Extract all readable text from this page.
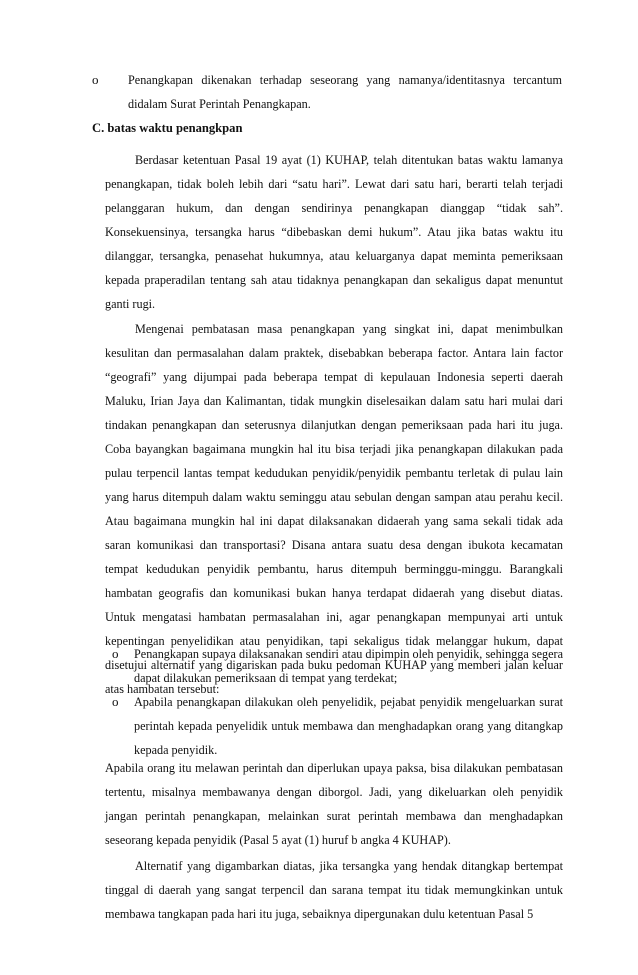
o Penangkapan dikenakan terhadap seseorang yang namanya/identitasnya tercantum didalam Surat Perintah Penangkapan.
C. batas waktu penangkpan

Berdasar ketentuan Pasal 19 ayat (1) KUHAP, telah ditentukan batas waktu lamanya penangkapan, tidak boleh lebih dari “satu hari”. Lewat dari satu hari, berarti telah terjadi pelanggaran hukum, dan dengan sendirinya penangkapan dianggap “tidak sah”. Konsekuensinya, tersangka harus “dibebaskan demi hukum”. Atau jika batas waktu itu dilanggar, tersangka, penasehat hukumnya, atau keluarganya dapat meminta pemeriksaan kepada praperadilan tentang sah atau tidaknya penangkapan dan sekaligus dapat menuntut ganti rugi.

Mengenai pembatasan masa penangkapan yang singkat ini, dapat menimbulkan kesulitan dan permasalahan dalam praktek, disebabkan beberapa factor. Antara lain factor “geografi” yang dijumpai pada beberapa tempat di kepulauan Indonesia seperti daerah Maluku, Irian Jaya dan Kalimantan, tidak mungkin diselesaikan dalam satu hari mulai dari tindakan penangkapan dan seterusnya dilanjutkan dengan pemeriksaan pada hari itu juga. Coba bayangkan bagaimana mungkin hal itu bisa terjadi jika penangkapan dilakukan pada pulau terpencil lantas tempat kedudukan penyidik/penyidik pembantu terletak di pulau lain yang harus ditempuh dalam waktu seminggu atau sebulan dengan sampan atau perahu kecil. Atau bagaimana mungkin hal ini dapat dilaksanakan didaerah yang sama sekali tidak ada saran komunikasi dan transportasi? Disana antara suatu desa dengan ibukota kecamatan tempat kedudukan penyidik pembantu, harus ditempuh berminggu-minggu. Barangkali hambatan geografis dan komunikasi bukan hanya terdapat didaerah yang disebut diatas. Untuk mengatasi hambatan permasalahan ini, agar penangkapan mempunyai arti untuk kepentingan penyelidikan atau penyidikan, tapi sekaligus tidak melanggar hukum, dapat disetujui alternatif yang digariskan pada buku pedoman KUHAP yang memberi jalan keluar atas hambatan tersebut:

o Penangkapan supaya dilaksanakan sendiri atau dipimpin oleh penyidik, sehingga segera dapat dilakukan pemeriksaan di tempat yang terdekat;
o Apabila penangkapan dilakukan oleh penyelidik, pejabat penyidik mengeluarkan surat perintah kepada penyelidik untuk membawa dan menghadapkan orang yang ditangkap kepada penyidik.

Apabila orang itu melawan perintah dan diperlukan upaya paksa, bisa dilakukan pembatasan tertentu, misalnya membawanya dengan diborgol. Jadi, yang dikeluarkan oleh penyidik jangan perintah penangkapan, melainkan surat perintah membawa dan menghadapkan seseorang kepada penyidik (Pasal 5 ayat (1) huruf b angka 4 KUHAP).

Alternatif yang digambarkan diatas, jika tersangka yang hendak ditangkap bertempat tinggal di daerah yang sangat terpencil dan sarana tempat itu tidak memungkinkan untuk membawa tangkapan pada hari itu juga, sebaiknya dipergunakan dulu ketentuan Pasal 5
